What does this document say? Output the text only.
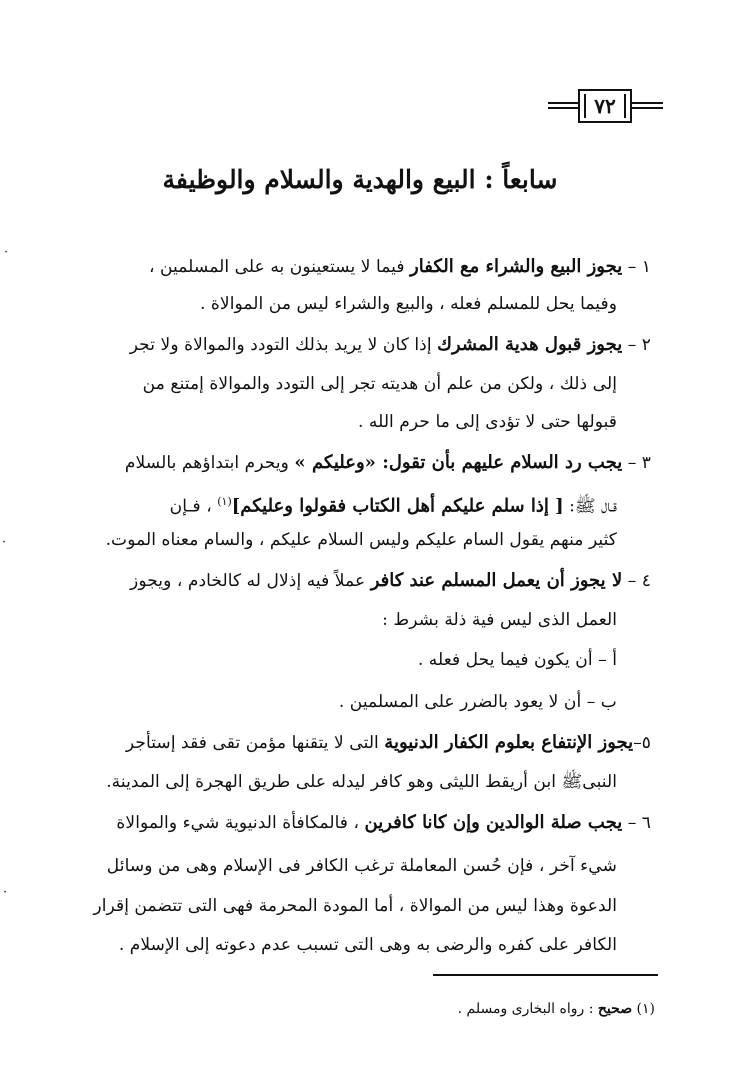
٧٢
سابعاً : البيع والهدية والسلام والوظيفة
١ – يجوز البيع والشراء مع الكفار فيما لا يستعينون به على المسلمين ،
وفيما يحل للمسلم فعله ، والبيع والشراء ليس من الموالاة .
٢ – يجوز قبول هدية المشرك إذا كان لا يريد بذلك التودد والموالاة ولا تجر
إلى ذلك ، ولكن من علم أن هديته تجر إلى التودد والموالاة إمتنع من
قبولها حتى لا تؤدى إلى ما حرم الله .
٣ – يجب رد السلام عليهم بأن تقول: «وعليكم » ويحرم ابتداؤهم بالسلام
قـال ﷺ: [ إذا سلم عليكم أهل الكتاب فقولوا وعليكم]$^{(١)}$ ، فـإن
كثير منهم يقول السام عليكم وليس السلام عليكم ، والسام معناه الموت.
٤ – لا يجوز أن يعمل المسلم عند كافر عملاً فيه إذلال له كالخادم ، ويجوز
العمل الذى ليس فية ذلة بشرط :
أ – أن يكون فيما يحل فعله .
ب – أن لا يعود بالضرر على المسلمين .
٥–يجوز الإنتفاع بعلوم الكفار الدنيوية التى لا يتقنها مؤمن تقى فقد إستأجر
النبىﷺ ابن أريقط الليثى وهو كافر ليدله على طريق الهجرة إلى المدينة.
٦ – يجب صلة الوالدين وإن كانا كافرين ، فالمكافأة الدنيوية شيء والموالاة
شيء آخر ، فإن حُسن المعاملة ترغب الكافر فى الإسلام وهى من وسائل
الدعوة وهذا ليس من الموالاة ، أما المودة المحرمة فهى التى تتضمن إقرار
الكافر على كفره والرضى به وهى التى تسبب عدم دعوته إلى الإسلام .
(١) صحيح : رواه البخارى ومسلم .
·
·
·
